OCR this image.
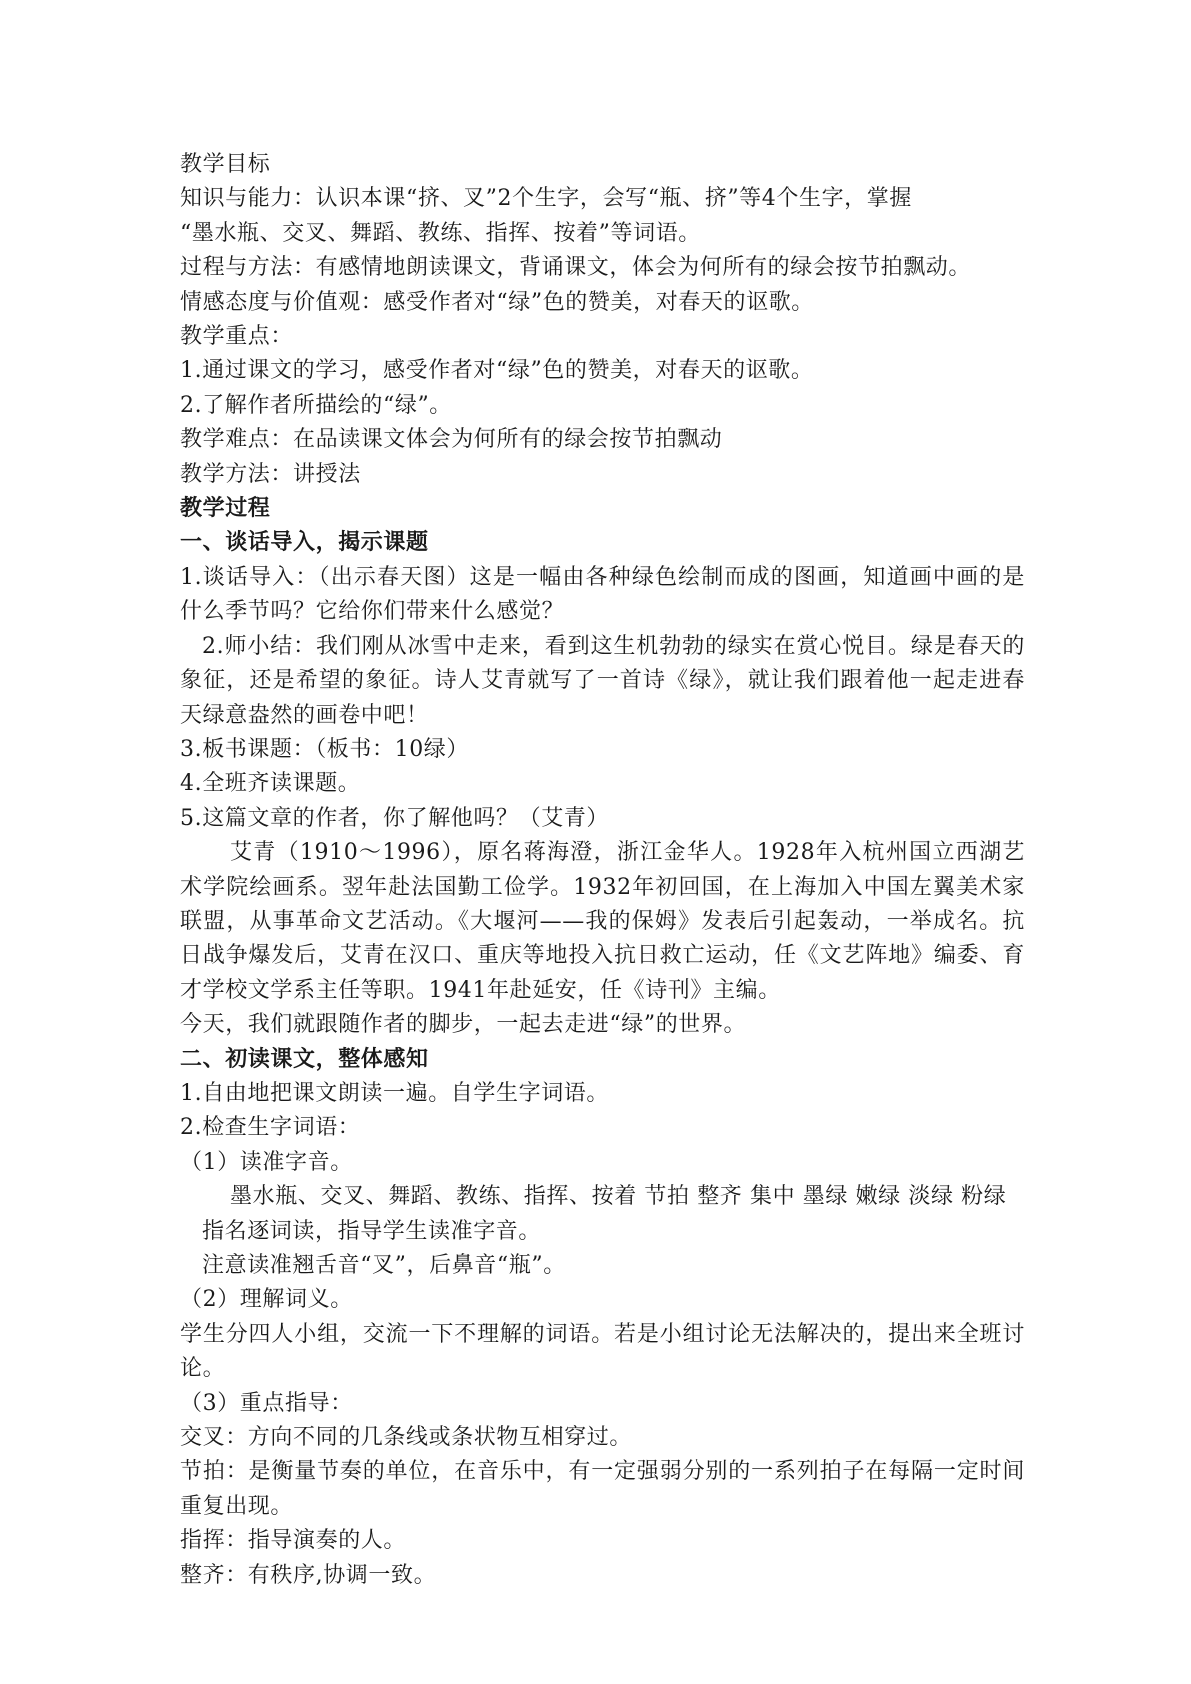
教学目标

知识与能力：认识本课“挤、叉”2个生字，会写“瓶、挤”等4个生字，掌握

“墨水瓶、交叉、舞蹈、教练、指挥、按着”等词语。

过程与方法：有感情地朗读课文，背诵课文，体会为何所有的绿会按节拍飘动。

情感态度与价值观：感受作者对“绿”色的赞美，对春天的讴歌。

教学重点：

1.通过课文的学习，感受作者对“绿”色的赞美，对春天的讴歌。

2.了解作者所描绘的“绿”。

教学难点：在品读课文体会为何所有的绿会按节拍飘动

教学方法：讲授法

教学过程

一、谈话导入，揭示课题

1.谈话导入：（出示春天图）这是一幅由各种绿色绘制而成的图画，知道画中画的是什么季节吗？它给你们带来什么感觉？

2.师小结：我们刚从冰雪中走来，看到这生机勃勃的绿实在赏心悦目。绿是春天的象征，还是希望的象征。诗人艾青就写了一首诗《绿》，就让我们跟着他一起走进春天绿意盎然的画卷中吧！

3.板书课题：（板书：10绿）

4.全班齐读课题。

5.这篇文章的作者，你了解他吗？（艾青）

艾青（1910～1996），原名蒋海澄，浙江金华人。1928年入杭州国立西湖艺术学院绘画系。翌年赴法国勤工俭学。1932年初回国，在上海加入中国左翼美术家联盟，从事革命文艺活动。《大堰河——我的保姆》发表后引起轰动，一举成名。抗日战争爆发后，艾青在汉口、重庆等地投入抗日救亡运动，任《文艺阵地》编委、育才学校文学系主任等职。1941年赴延安，任《诗刊》主编。

今天，我们就跟随作者的脚步，一起去走进“绿”的世界。

二、初读课文，整体感知

1.自由地把课文朗读一遍。自学生字词语。

2.检查生字词语：

（1）读准字音。

墨水瓶、交叉、舞蹈、教练、指挥、按着 节拍 整齐 集中 墨绿 嫩绿 淡绿 粉绿

指名逐词读，指导学生读准字音。

注意读准翘舌音“叉”，后鼻音“瓶”。

（2）理解词义。

学生分四人小组，交流一下不理解的词语。若是小组讨论无法解决的，提出来全班讨论。

（3）重点指导：

交叉：方向不同的几条线或条状物互相穿过。

节拍：是衡量节奏的单位，在音乐中，有一定强弱分别的一系列拍子在每隔一定时间重复出现。

指挥：指导演奏的人。

整齐：有秩序,协调一致。
